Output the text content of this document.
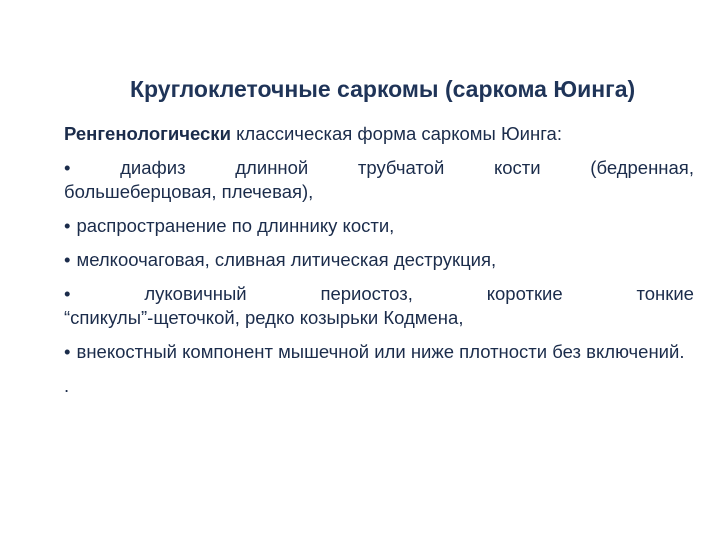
Круглоклеточные саркомы (саркома Юинга)
Ренгенологически классическая форма саркомы Юинга:
•	диафиз	длинной	трубчатой	кости	(бедренная,
большеберцовая, плечевая),
• распространение по длиннику кости,
• мелкоочаговая, сливная литическая деструкция,
•	луковичный	периостоз,	короткие	тонкие
“спикулы”-щеточкой, редко козырьки Кодмена,
• внекостный компонент мышечной или ниже плотности без включений.
.
